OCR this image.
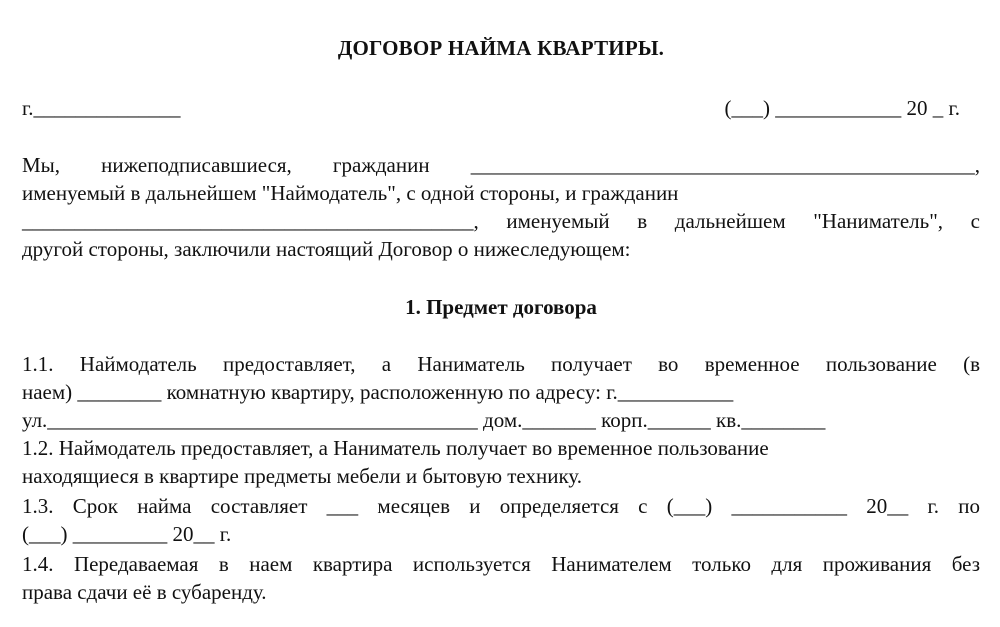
ДОГОВОР НАЙМА КВАРТИРЫ.
г.______________	(___) ____________ 20 _ г.
Мы, нижеподписавшиеся, гражданин ________________________________________________,
именуемый в дальнейшем "Наймодатель", с одной стороны, и гражданин
___________________________________________, именуемый в дальнейшем "Наниматель", с
другой стороны, заключили настоящий Договор о нижеследующем:
1. Предмет договора
1.1. Наймодатель предоставляет, а Наниматель получает во временное пользование (в
наем) ________ комнатную квартиру, расположенную по адресу: г.___________
ул._________________________________________ дом._______ корп.______ кв.________
1.2. Наймодатель предоставляет, а Наниматель получает во временное пользование
находящиеся в квартире предметы мебели и бытовую технику.
1.3. Срок найма составляет ___ месяцев и определяется с (___) ___________ 20__ г. по
(___) _________ 20__ г.
1.4. Передаваемая в наем квартира используется Нанимателем только для проживания без
права сдачи её в субаренду.
